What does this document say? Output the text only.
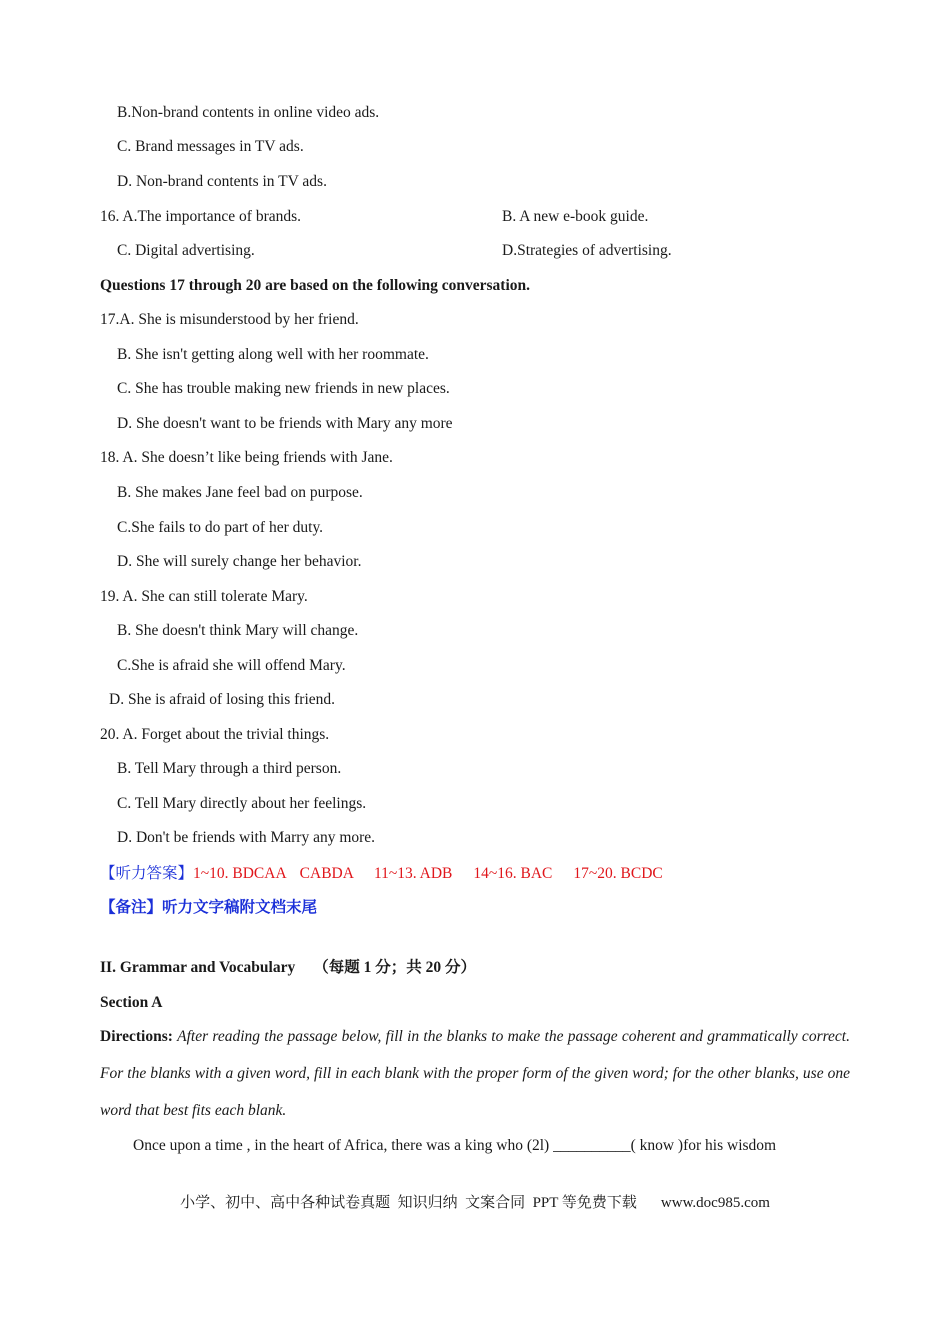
B.Non-brand contents in online video ads.
C. Brand messages in TV ads.
D. Non-brand contents in TV ads.
16. A.The importance of brands.	B. A new e-book guide.
C. Digital advertising.	D.Strategies of advertising.
Questions 17 through 20 are based on the following conversation.
17.A. She is misunderstood by her friend.
B. She isn't getting along well with her roommate.
C. She has trouble making new friends in new places.
D. She doesn't want to be friends with Mary any more
18. A. She doesn’t like being friends with Jane.
B. She makes Jane feel bad on purpose.
C.She fails to do part of her duty.
D. She will surely change her behavior.
19. A. She can still tolerate Mary.
B. She doesn't think Mary will change.
C.She is afraid she will offend Mary.
D. She is afraid of losing this friend.
20. A. Forget about the trivial things.
B. Tell Mary through a third person.
C. Tell Mary directly about her feelings.
D. Don't be friends with Marry any more.
【听力答案】1~10. BDCAA CABDA 11~13. ADB 14~16. BAC 17~20. BCDC
【备注】听力文字稿附文档末尾
II. Grammar and Vocabulary （每题 1 分；共 20 分）
Section A
Directions: After reading the passage below, fill in the blanks to make the passage coherent and grammatically correct. For the blanks with a given word, fill in each blank with the proper form of the given word; for the other blanks, use one word that best fits each blank.
Once upon a time , in the heart of Africa, there was a king who (2l) __________( know )for his wisdom
小学、初中、高中各种试卷真题  知识归纳  文案合同  PPT 等免费下载 www.doc985.com
